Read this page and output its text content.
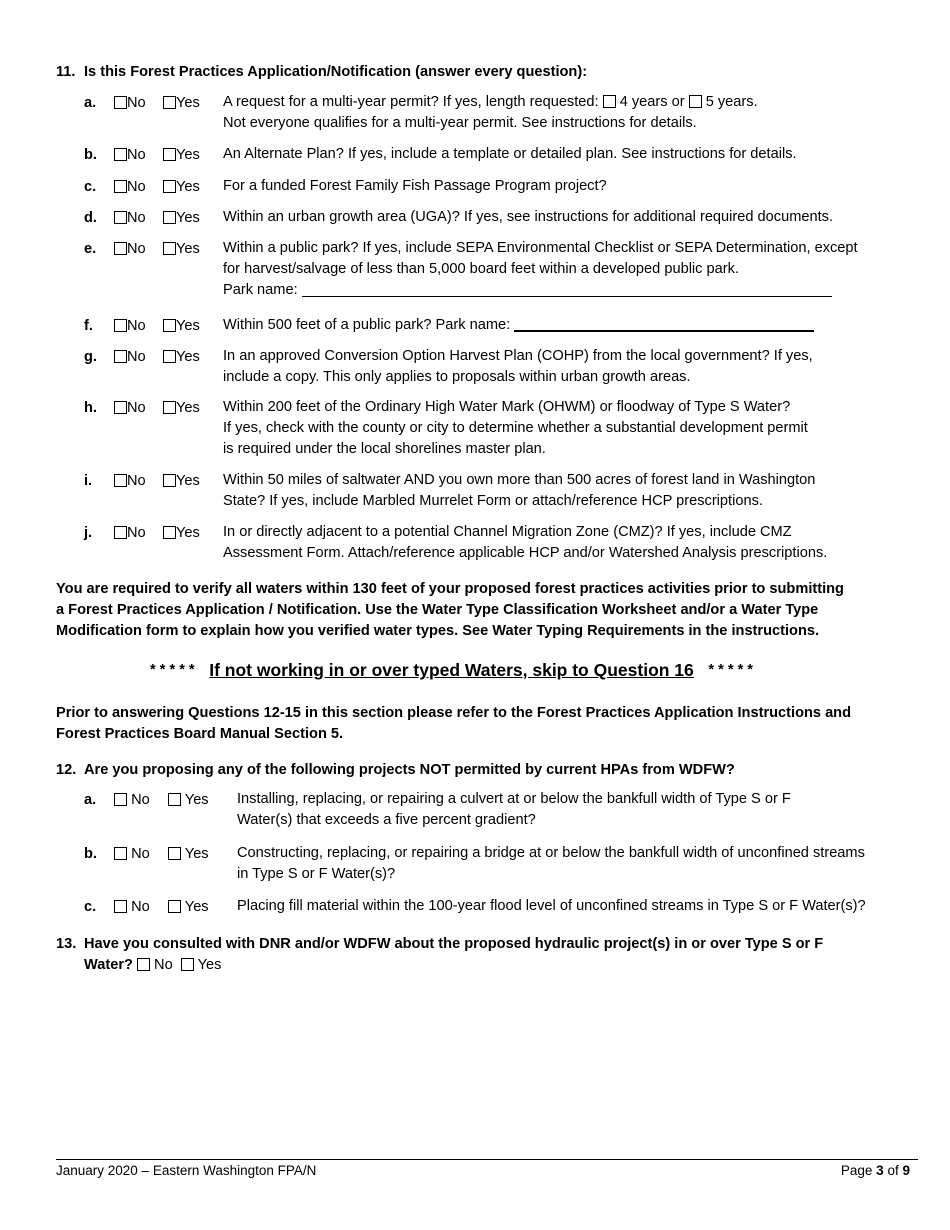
11. Is this Forest Practices Application/Notification (answer every question):
a.	No	Yes A request for a multi-year permit? If yes, length requested: 4 years or 5 years.
Not everyone qualifies for a multi-year permit. See instructions for details.
b.	No	Yes An Alternate Plan? If yes, include a template or detailed plan. See instructions for details.
c.	No	Yes For a funded Forest Family Fish Passage Program project?
d.	No	Yes Within an urban growth area (UGA)? If yes, see instructions for additional required documents.
e.	No	Yes Within a public park? If yes, include SEPA Environmental Checklist or SEPA Determination, except
for harvest/salvage of less than 5,000 board feet within a developed public park.
Park name:
f.	No	Yes Within 500 feet of a public park? Park name:
g.	No	Yes In an approved Conversion Option Harvest Plan (COHP) from the local government? If yes,
include a copy. This only applies to proposals within urban growth areas.
h.	No	Yes Within 200 feet of the Ordinary High Water Mark (OHWM) or floodway of Type S Water?
If yes, check with the county or city to determine whether a substantial development permit
is required under the local shorelines master plan.
i.	No	Yes Within 50 miles of saltwater AND you own more than 500 acres of forest land in Washington
State? If yes, include Marbled Murrelet Form or attach/reference HCP prescriptions.
j.	No	Yes In or directly adjacent to a potential Channel Migration Zone (CMZ)? If yes, include CMZ
Assessment Form. Attach/reference applicable HCP and/or Watershed Analysis prescriptions.
You are required to verify all waters within 130 feet of your proposed forest practices activities prior to submitting
a Forest Practices Application / Notification. Use the Water Type Classification Worksheet and/or a Water Type
Modification form to explain how you verified water types. See Water Typing Requirements in the instructions.
* * * * * If not working in or over typed Waters, skip to Question 16 * * * * *
Prior to answering Questions 12-15 in this section please refer to the Forest Practices Application Instructions and
Forest Practices Board Manual Section 5.
12. Are you proposing any of the following projects NOT permitted by current HPAs from WDFW?
a.	No	Yes Installing, replacing, or repairing a culvert at or below the bankfull width of Type S or F
Water(s) that exceeds a five percent gradient?
b.	No	Yes Constructing, replacing, or repairing a bridge at or below the bankfull width of unconfined streams
in Type S or F Water(s)?
c.	No	Yes Placing fill material within the 100-year flood level of unconfined streams in Type S or F Water(s)?
13. Have you consulted with DNR and/or WDFW about the proposed hydraulic project(s) in or over Type S or F
Water? No Yes
January 2020 – Eastern Washington FPA/N	Page 3 of 9
